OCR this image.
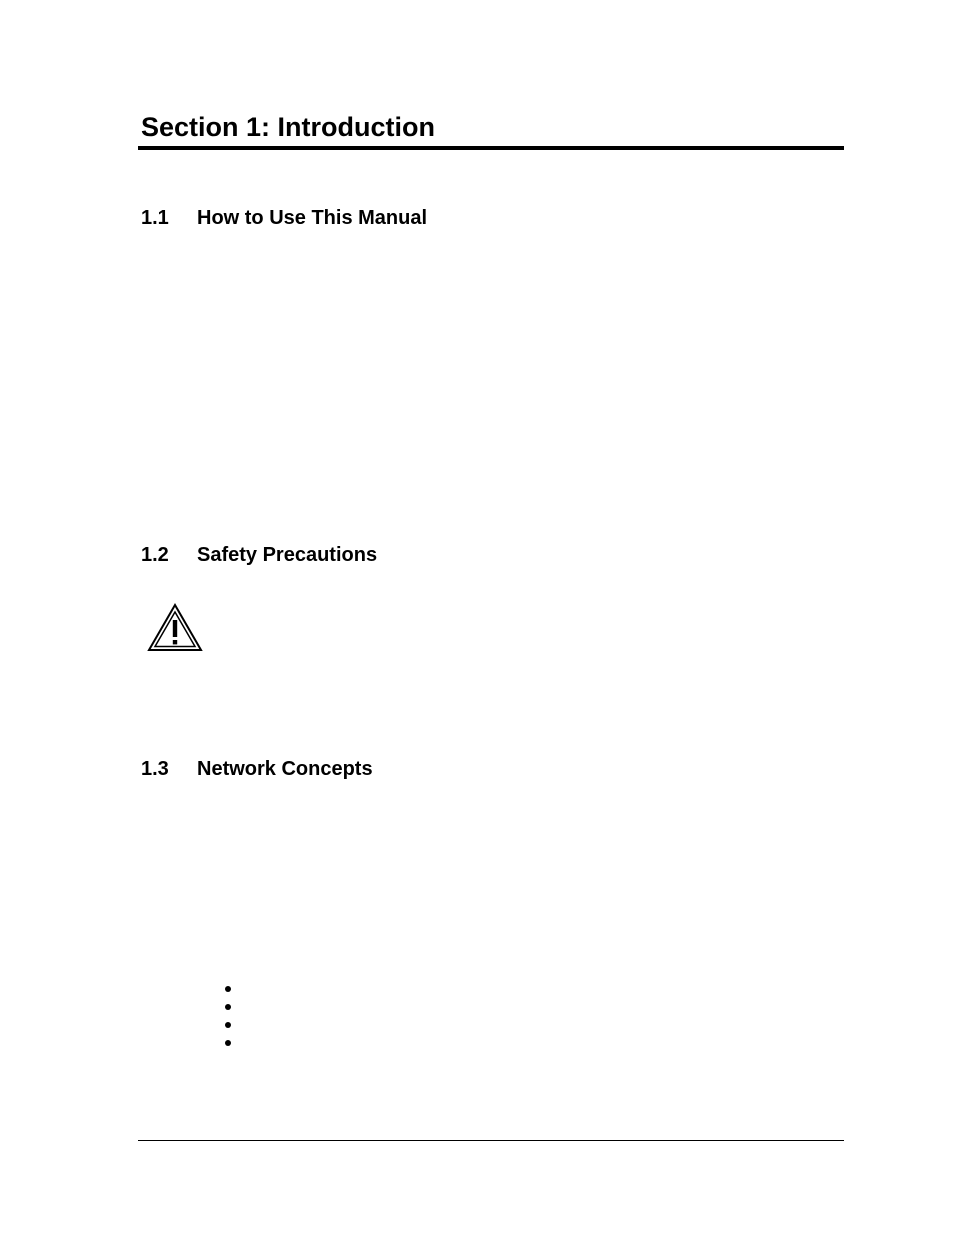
Section 1: Introduction
1.1 How to Use This Manual
1.2 Safety Precautions
1.3 Network Concepts
